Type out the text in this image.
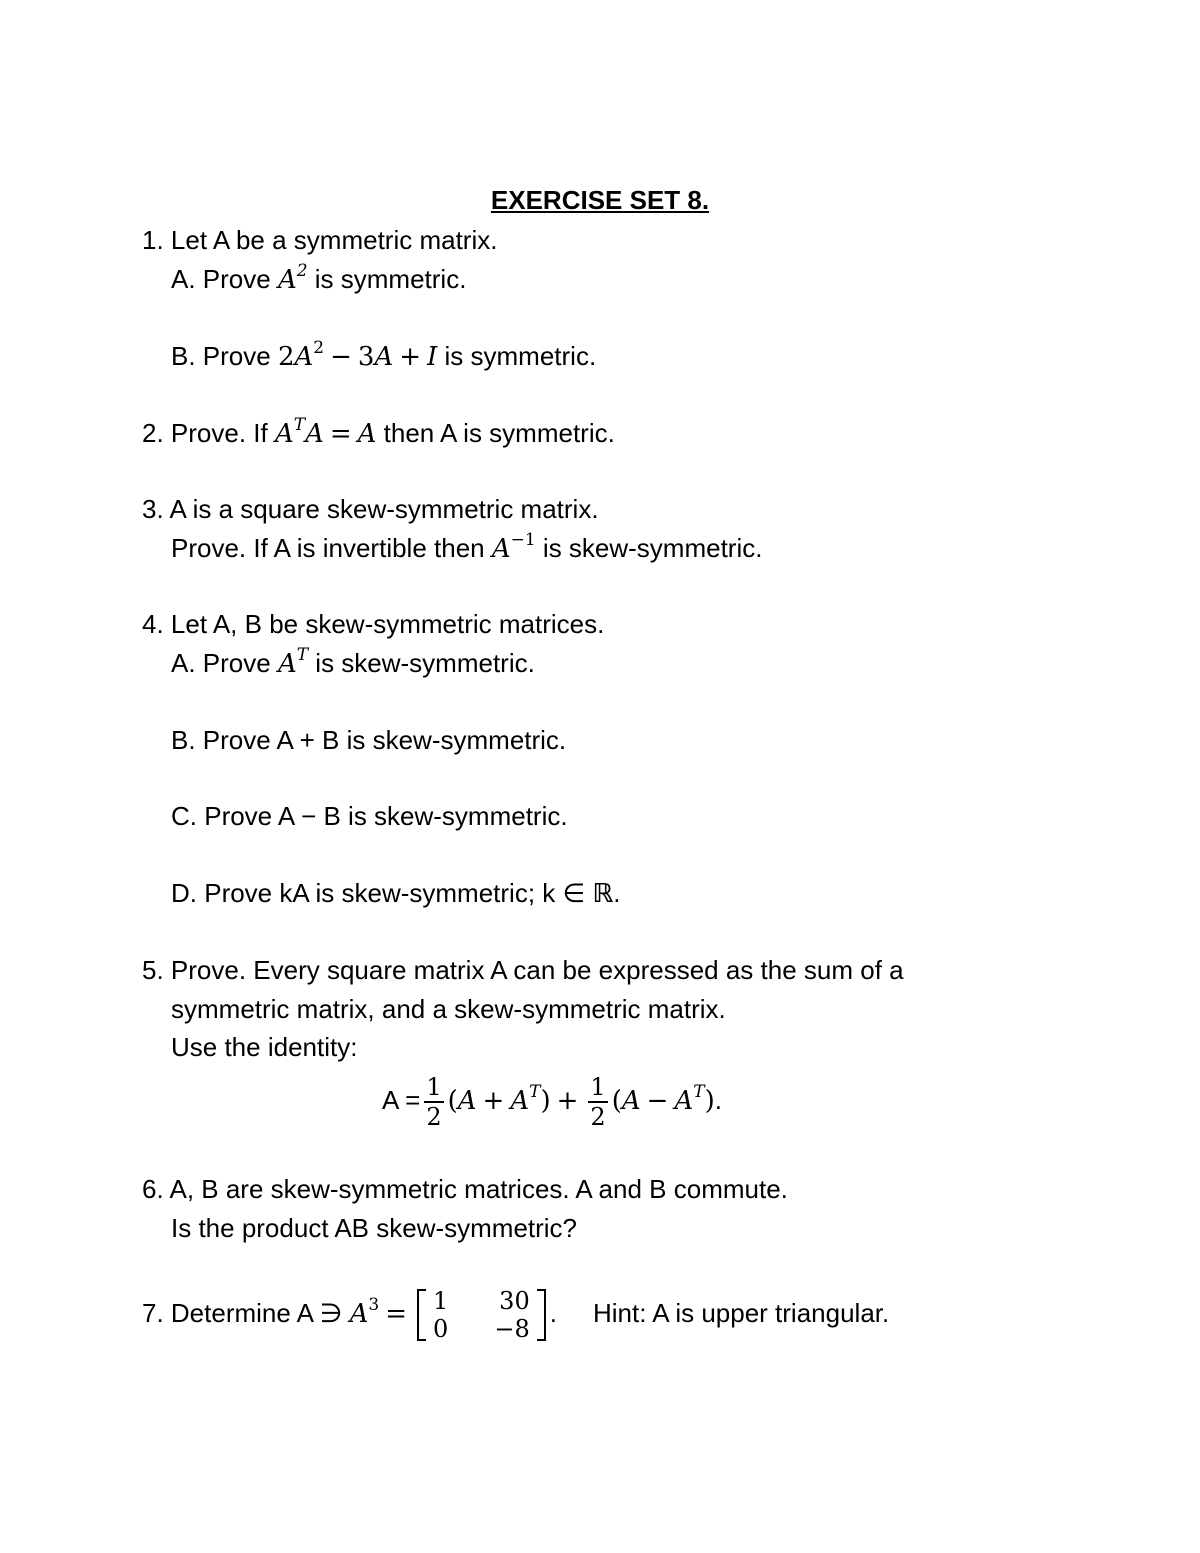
EXERCISE SET 8.
1. Let A be a symmetric matrix.
A. Prove $A^2$ is symmetric.
B. Prove $2A^2 - 3A + I$ is symmetric.
2. Prove. If $A^TA = A$ then A is symmetric.
3. A is a square skew-symmetric matrix.
Prove. If A is invertible then $A^{-1}$ is skew-symmetric.
4. Let A, B be skew-symmetric matrices.
A. Prove $A^T$ is skew-symmetric.
B. Prove A + B is skew-symmetric.
C. Prove A − B is skew-symmetric.
D. Prove kA is skew-symmetric; k ∈ ℝ.
5. Prove. Every square matrix A can be expressed as the sum of a
symmetric matrix, and a skew-symmetric matrix.
Use the identity:
$A = \frac{1}{2} (A + A^T) + \frac{1}{2} (A - A^T)$.
6. A, B are skew-symmetric matrices. A and B commute.
Is the product AB skew-symmetric?
7. Determine A ∋ $A^3 = 1$	30
0	−8
. Hint: A is upper triangular.
